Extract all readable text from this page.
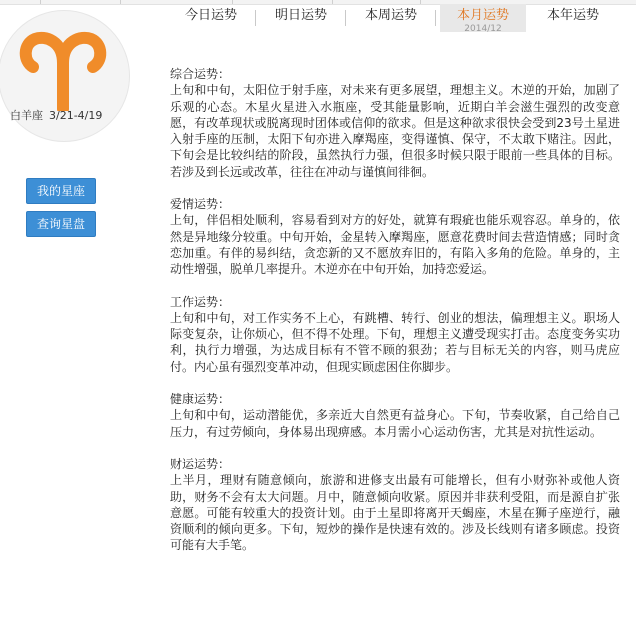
白羊座 3/21-4/19
我的星座
查询星盘
今日运势	明日运势	本周运势	本月运势
2014/12
本年运势

综合运势：

上旬和中旬，太阳位于射手座，对未来有更多展望，理想主义。木逆的开始，加剧了乐观的心态。木星火星进入水瓶座，受其能量影响，近期白羊会滋生强烈的改变意愿，有改革现状或脱离现时团体或信仰的欲求。但是这种欲求很快会受到23号土星进入射手座的压制，太阳下旬亦进入摩羯座，变得谨慎、保守，不太敢下赌注。因此，下旬会是比较纠结的阶段，虽然执行力强，但很多时候只限于眼前一些具体的目标。若涉及到长远或改革，往往在冲动与谨慎间徘徊。

爱情运势：

上旬，伴侣相处顺利，容易看到对方的好处，就算有瑕疵也能乐观容忍。单身的，依然是异地缘分较重。中旬开始，金星转入摩羯座，愿意花费时间去营造情感；同时贪恋加重。有伴的易纠结，贪恋新的又不愿放弃旧的，有陷入多角的危险。单身的，主动性增强，脱单几率提升。木逆亦在中旬开始，加持恋爱运。

工作运势：

上旬和中旬，对工作实务不上心，有跳槽、转行、创业的想法，偏理想主义。职场人际变复杂，让你烦心，但不得不处理。下旬，理想主义遭受现实打击。态度变务实功利，执行力增强，为达成目标有不管不顾的狠劲；若与目标无关的内容，则马虎应付。内心虽有强烈变革冲动，但现实顾虑困住你脚步。

健康运势：

上旬和中旬，运动潜能优，多亲近大自然更有益身心。下旬，节奏收紧，自己给自己压力，有过劳倾向，身体易出现痹感。本月需小心运动伤害，尤其是对抗性运动。

财运运势：

上半月，理财有随意倾向，旅游和进修支出最有可能增长，但有小财弥补或他人资助，财务不会有太大问题。月中，随意倾向收紧。原因并非获利受阻，而是源自扩张意愿。可能有较重大的投资计划。由于土星即将离开天蝎座，木星在狮子座逆行，融资顺利的倾向更多。下旬，短炒的操作是快速有效的。涉及长线则有诸多顾虑。投资可能有大手笔。
